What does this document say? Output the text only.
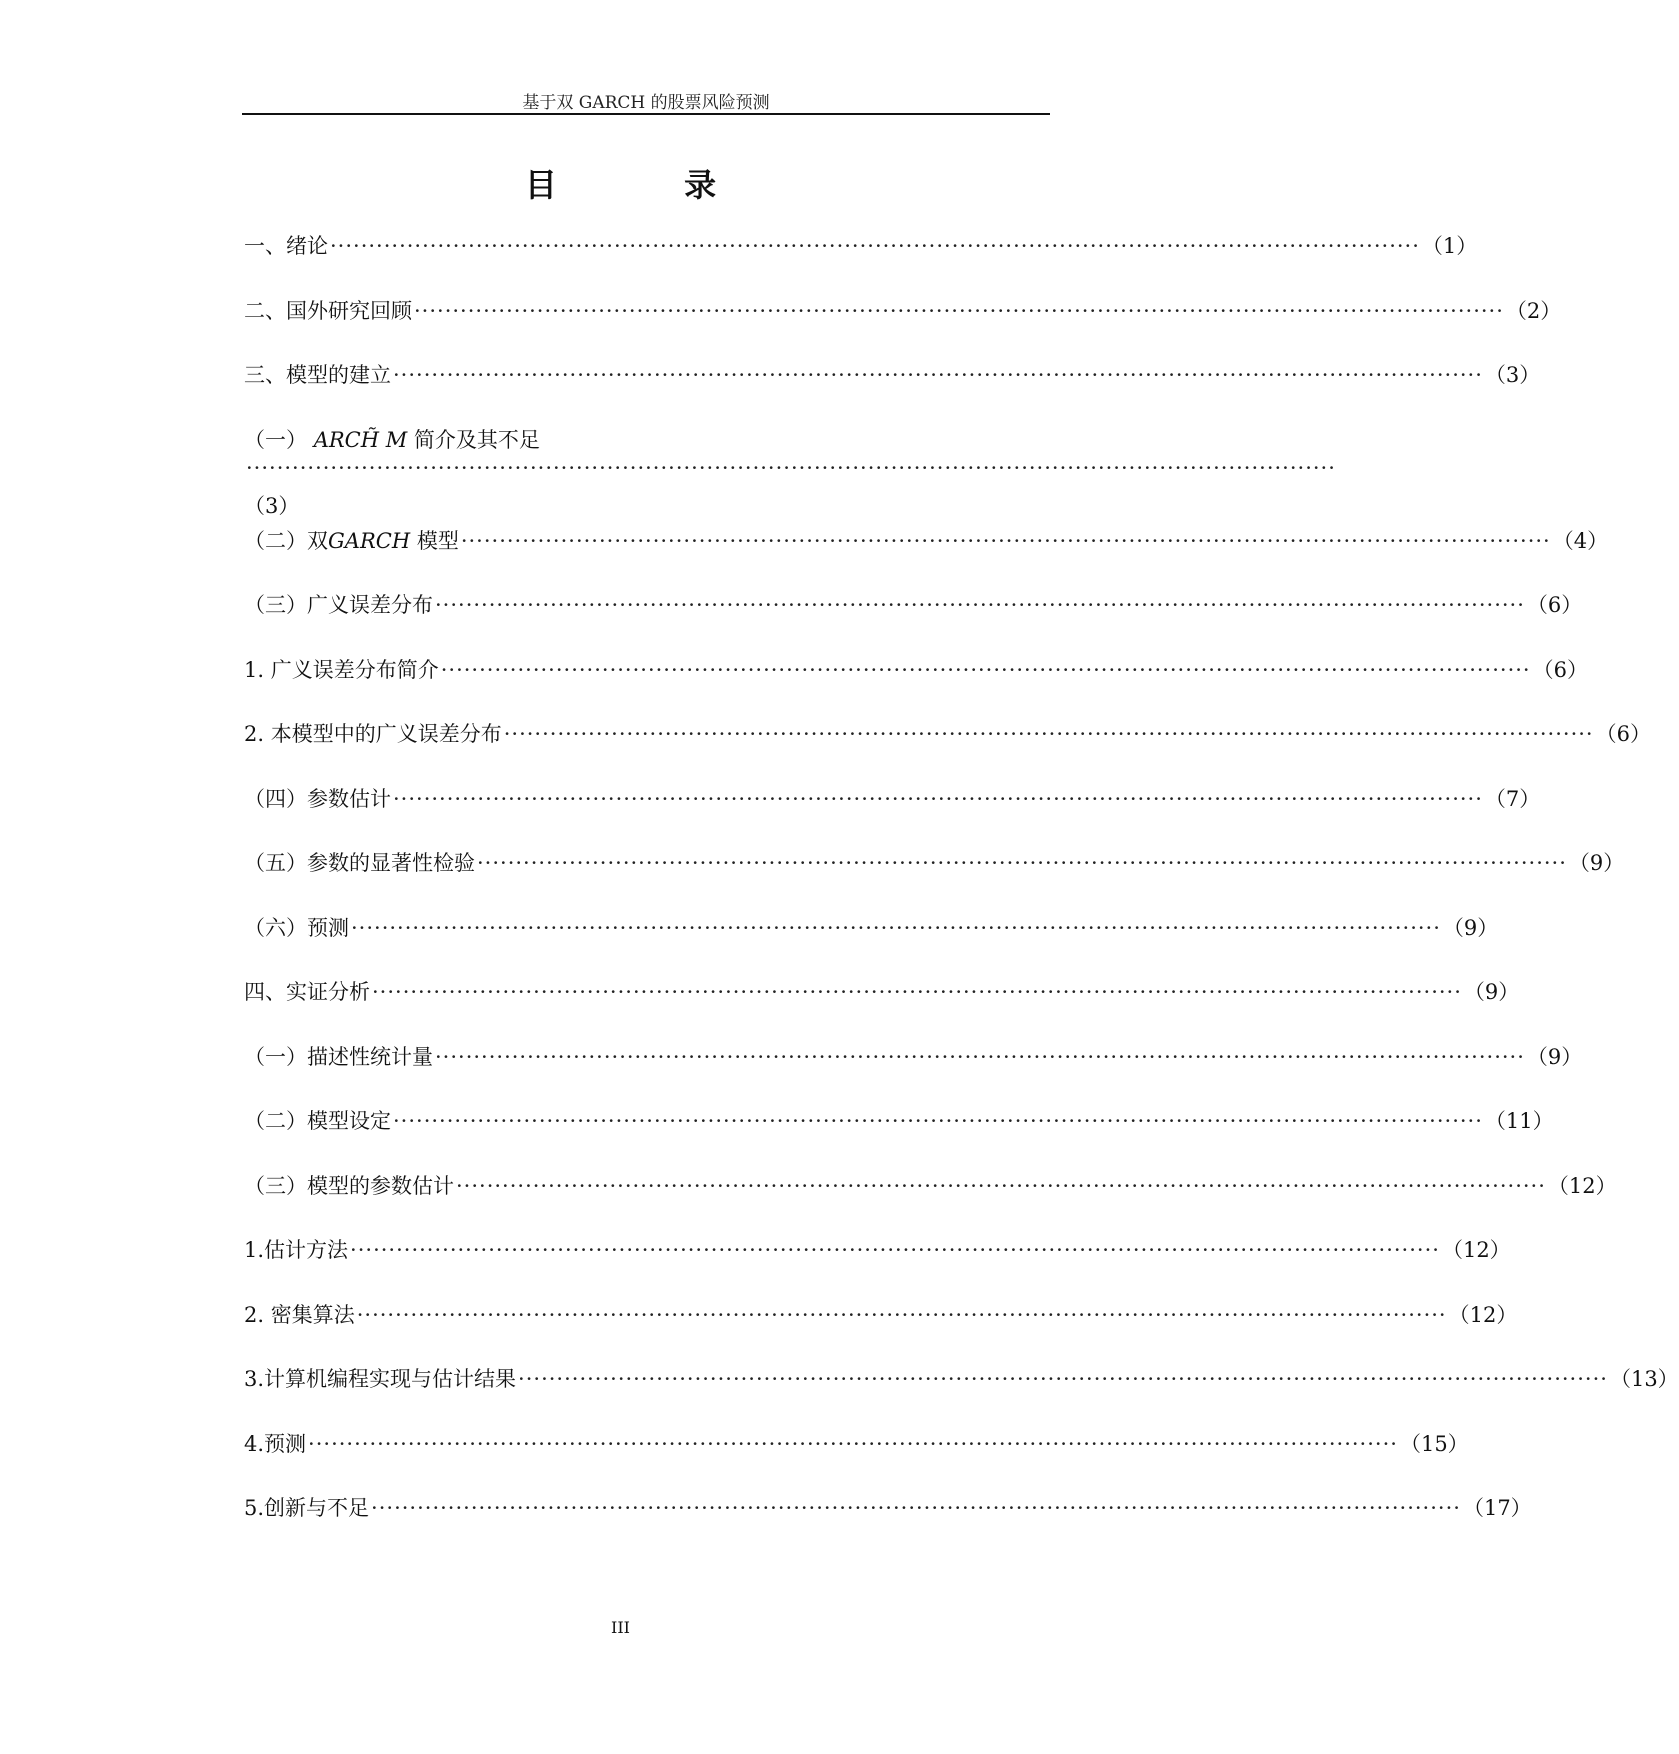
基于双 GARCH 的股票风险预测
目 录
一、绪论 ·············································································································································· （1）
二、国外研究回顾 ·············································································································································· （2）
三、模型的建立 ·············································································································································· （3）
（一） ARCH̃ M 简介及其不足
··············································································································································
（3）
（二）双GARCH 模型 ·············································································································································· （4）
（三）广义误差分布 ·············································································································································· （6）
1. 广义误差分布简介 ·············································································································································· （6）
2. 本模型中的广义误差分布 ·············································································································································· （6）
（四）参数估计 ·············································································································································· （7）
（五）参数的显著性检验 ·············································································································································· （9）
（六）预测 ·············································································································································· （9）
四、实证分析 ·············································································································································· （9）
（一）描述性统计量 ·············································································································································· （9）
（二）模型设定 ·············································································································································· （11）
（三）模型的参数估计 ·············································································································································· （12）
1.估计方法 ·············································································································································· （12）
2. 密集算法 ·············································································································································· （12）
3.计算机编程实现与估计结果 ·············································································································································· （13）
4.预测 ·············································································································································· （15）
5.创新与不足 ·············································································································································· （17）
III
